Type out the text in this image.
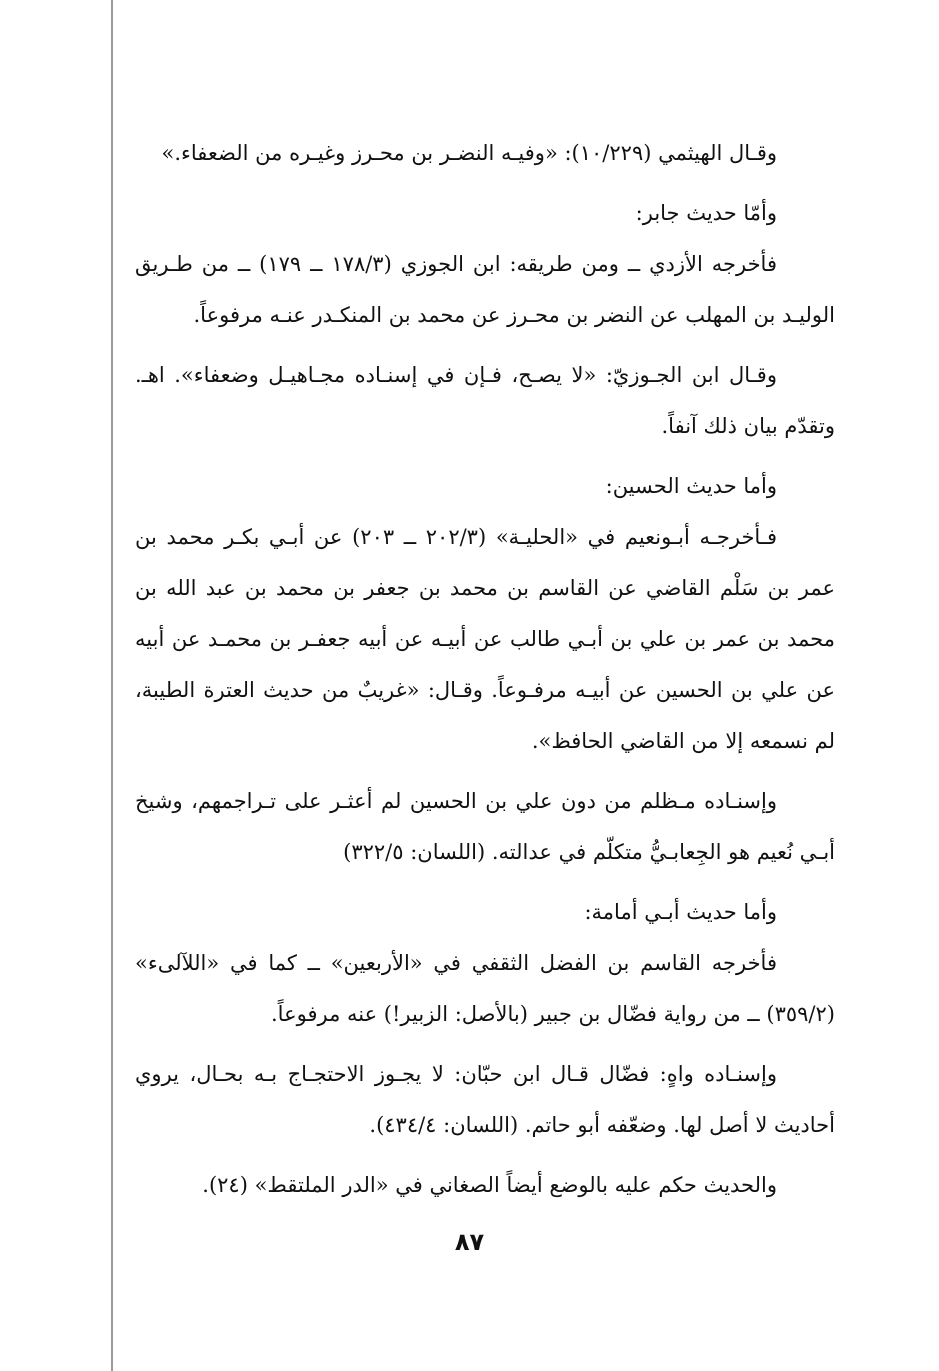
وقـال الهيثمي (١٠/٢٢٩): «وفيـه النضـر بن محـرز وغيـره من الضعفاء.»

وأمّا حديث جابر:

فأخرجه الأزدي ــ ومن طريقه: ابن الجوزي (١٧٨/٣ ــ ١٧٩) ــ من طـريق الوليـد بن المهلب عن النضر بن محـرز عن محمد بن المنكـدر عنـه مرفوعاً.

وقـال ابن الجـوزيّ: «لا يصـح، فـإن في إسنـاده مجـاهيـل وضعفاء». اهـ. وتقدّم بيان ذلك آنفاً.

وأما حديث الحسين:

فـأخرجـه أبـونعيم في «الحليـة» (٢٠٢/٣ ــ ٢٠٣) عن أبـي بكـر محمد بن عمر بن سَلْم القاضي عن القاسم بن محمد بن جعفر بن محمد بن عبد الله بن محمد بن عمر بن علي بن أبـي طالب عن أبيـه عن أبيه جعفـر بن محمـد عن أبيه عن علي بن الحسين عن أبيـه مرفـوعاً. وقـال: «غريبٌ من حديث العترة الطيبة، لم نسمعه إلا من القاضي الحافظ».

وإسنـاده مـظلم من دون علي بن الحسين لم أعثـر على تـراجمهم، وشيخ أبـي نُعيم هو الجِعابـيُّ متكلّم في عدالته. (اللسان: ٣٢٢/٥)

وأما حديث أبـي أمامة:

فأخرجه القاسم بن الفضل الثقفي في «الأربعين» ــ كما في «اللآلىء» (٣٥٩/٢) ــ من رواية فضّال بن جبير (بالأصل: الزبير!) عنه مرفوعاً.

وإسنـاده واهٍ: فضّال قـال ابن حبّان: لا يجـوز الاحتجـاج بـه بحـال، يروي أحاديث لا أصل لها. وضعّفه أبو حاتم. (اللسان: ٤٣٤/٤).

والحديث حكم عليه بالوضع أيضاً الصغاني في «الدر الملتقط» (٢٤).

٨٧
